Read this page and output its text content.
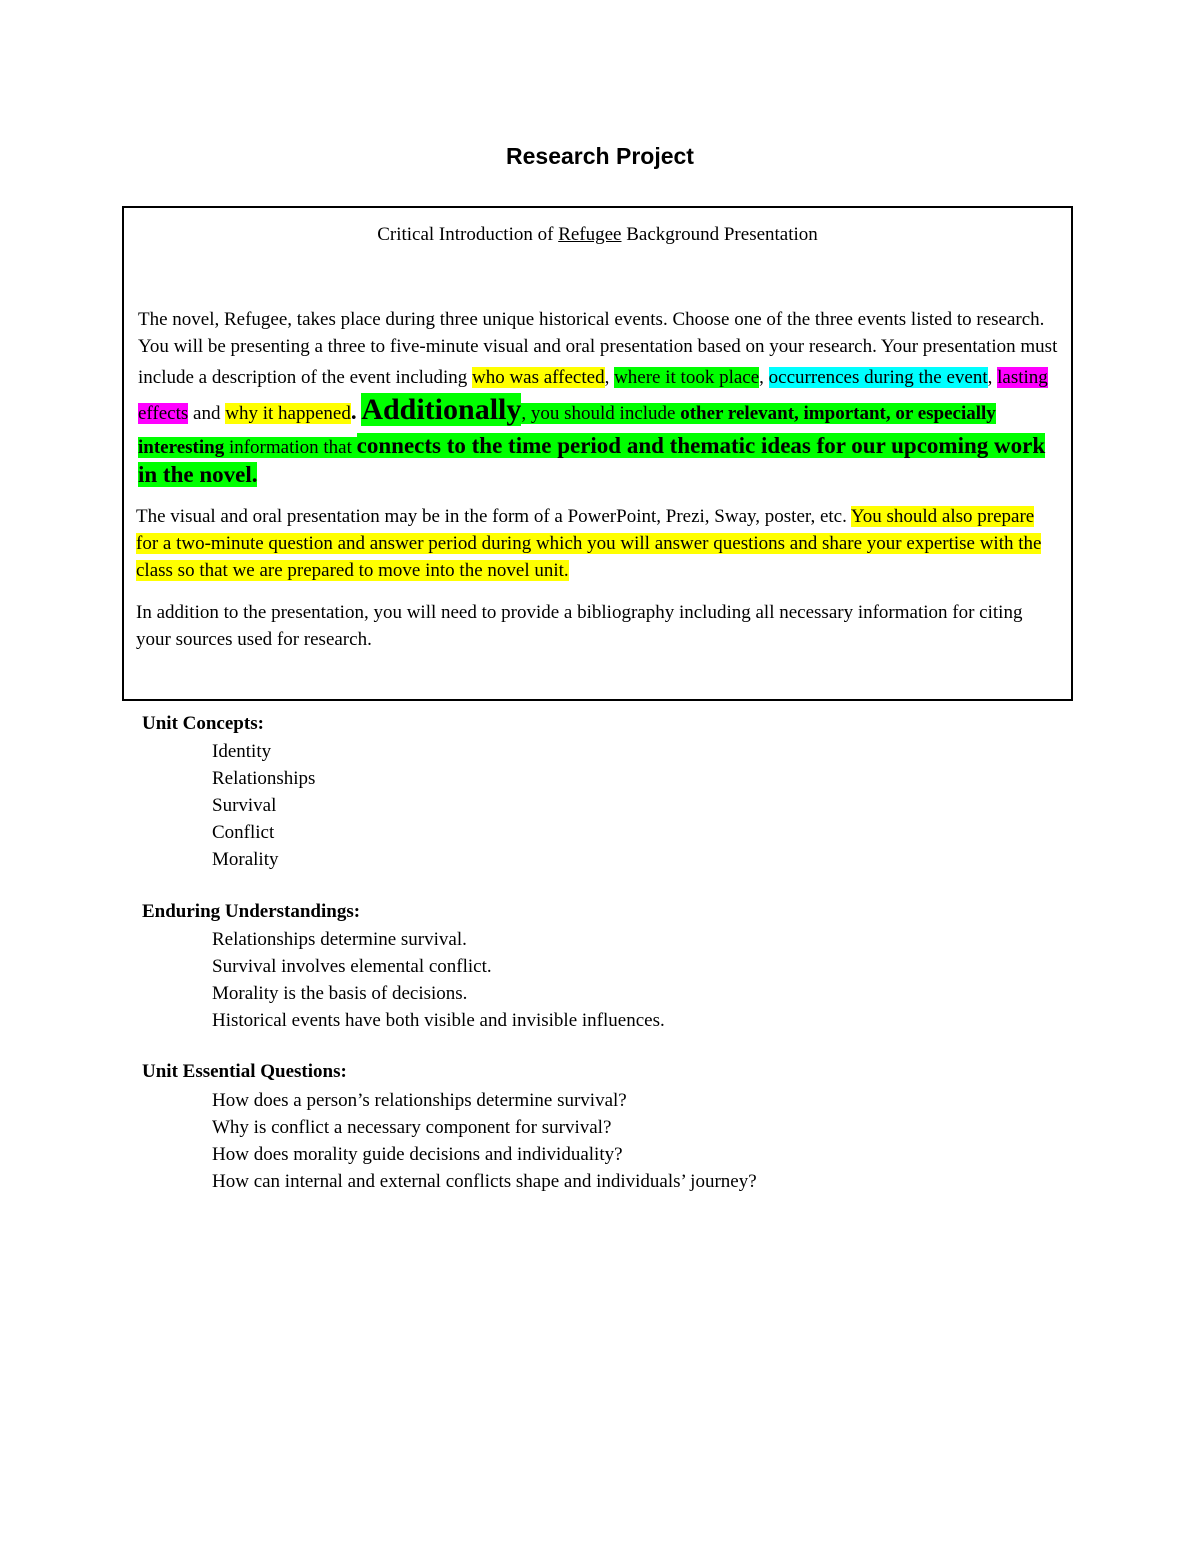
Research Project
Critical Introduction of Refugee Background Presentation
The novel, Refugee, takes place during three unique historical events. Choose one of the three events listed to research. You will be presenting a three to five-minute visual and oral presentation based on your research. Your presentation must include a description of the event including who was affected, where it took place, occurrences during the event, lasting effects and why it happened. Additionally, you should include other relevant, important, or especially interesting information that connects to the time period and thematic ideas for our upcoming work in the novel.
The visual and oral presentation may be in the form of a PowerPoint, Prezi, Sway, poster, etc. You should also prepare for a two-minute question and answer period during which you will answer questions and share your expertise with the class so that we are prepared to move into the novel unit.
In addition to the presentation, you will need to provide a bibliography including all necessary information for citing your sources used for research.
Unit Concepts:
Identity
Relationships
Survival
Conflict
Morality
Enduring Understandings:
Relationships determine survival.
Survival involves elemental conflict.
Morality is the basis of decisions.
Historical events have both visible and invisible influences.
Unit Essential Questions:
How does a person’s relationships determine survival?
Why is conflict a necessary component for survival?
How does morality guide decisions and individuality?
How can internal and external conflicts shape and individuals’ journey?
